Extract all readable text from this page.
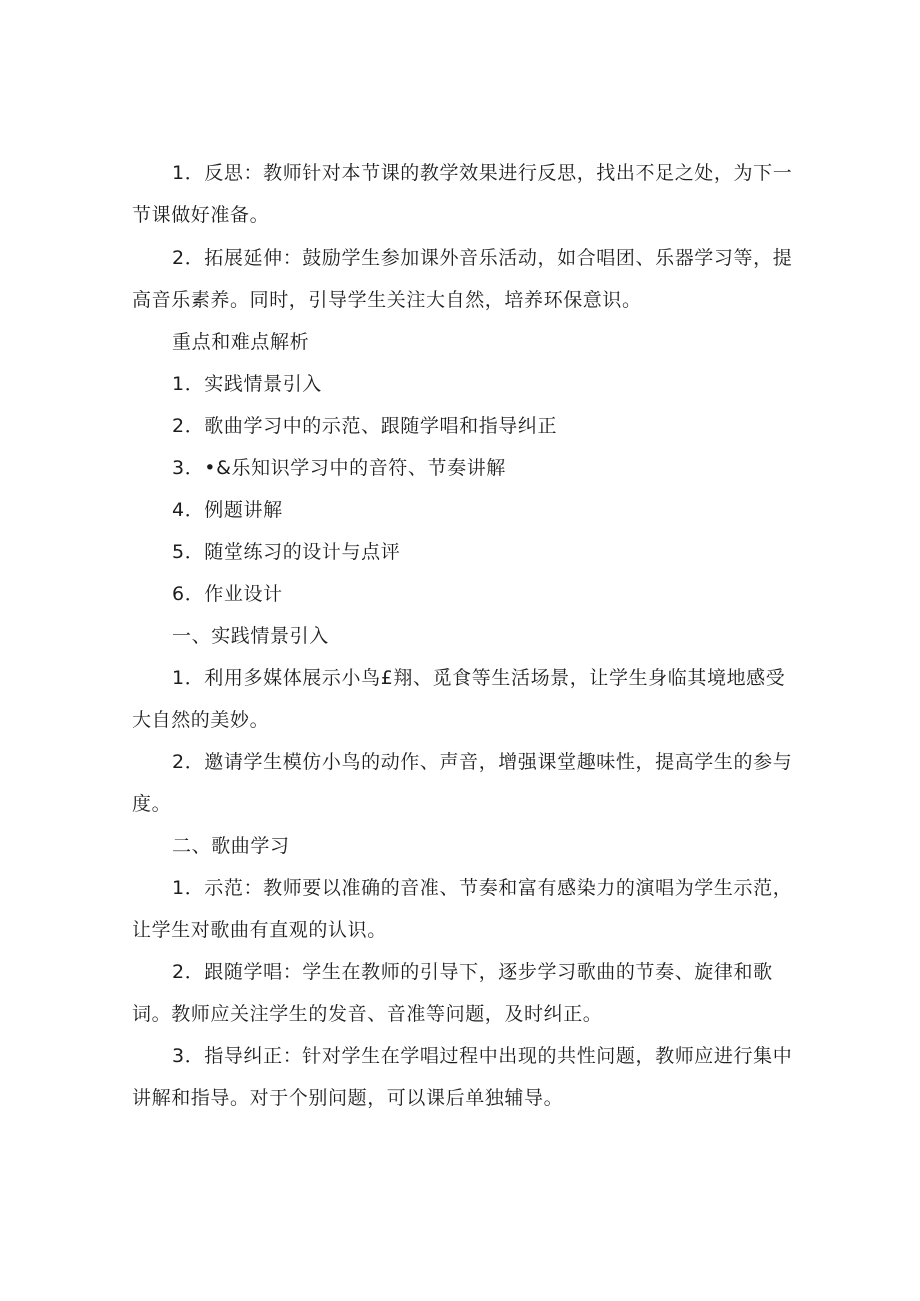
1．反思：教师针对本节课的教学效果进行反思，找出不足之处，为下一节课做好准备。

2．拓展延伸：鼓励学生参加课外音乐活动，如合唱团、乐器学习等，提高音乐素养。同时，引导学生关注大自然，培养环保意识。

重点和难点解析

1．实践情景引入

2．歌曲学习中的示范、跟随学唱和指导纠正

3．•&乐知识学习中的音符、节奏讲解

4．例题讲解

5．随堂练习的设计与点评

6．作业设计

一、实践情景引入

1．利用多媒体展示小鸟£翔、觅食等生活场景，让学生身临其境地感受大自然的美妙。

2．邀请学生模仿小鸟的动作、声音，增强课堂趣味性，提高学生的参与度。

二、歌曲学习

1．示范：教师要以准确的音准、节奏和富有感染力的演唱为学生示范，让学生对歌曲有直观的认识。

2．跟随学唱：学生在教师的引导下，逐步学习歌曲的节奏、旋律和歌词。教师应关注学生的发音、音准等问题，及时纠正。

3．指导纠正：针对学生在学唱过程中出现的共性问题，教师应进行集中讲解和指导。对于个别问题，可以课后单独辅导。
